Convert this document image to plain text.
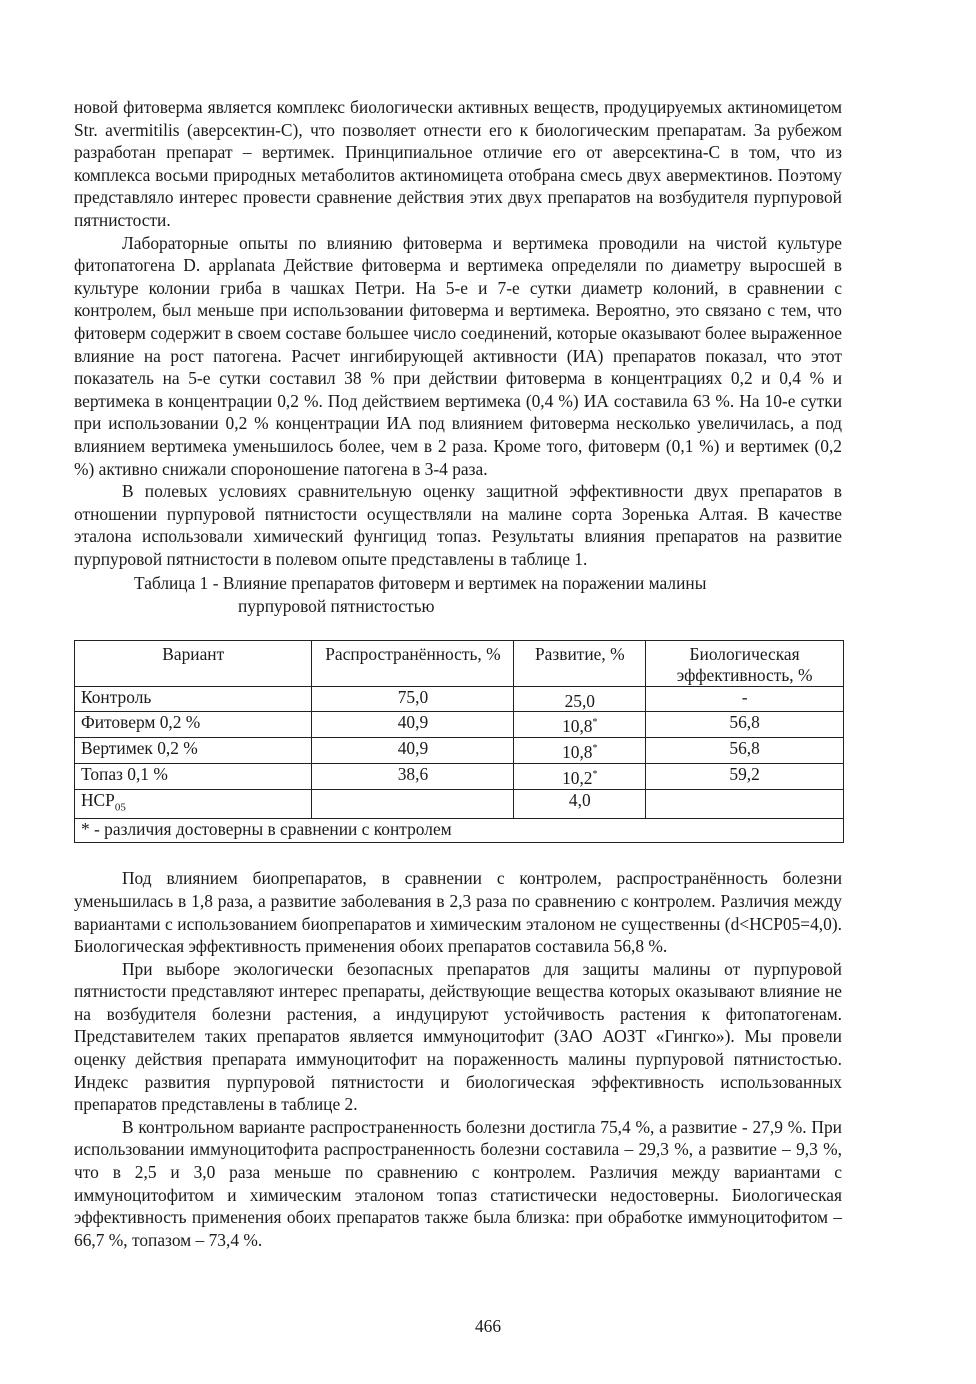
новой фитоверма является комплекс биологически активных веществ, продуцируемых актиномицетом Str. avermitilis (аверсектин-С), что позволяет отнести его к биологическим препаратам. За рубежом разработан препарат – вертимек. Принципиальное отличие его от аверсектина-С в том, что из комплекса восьми природных метаболитов актиномицета отобрана смесь двух авермектинов. Поэтому представляло интерес провести сравнение действия этих двух препаратов на возбудителя пурпуровой пятнистости.

Лабораторные опыты по влиянию фитоверма и вертимека проводили на чистой культуре фитопатогена D. applanata Действие фитоверма и вертимека определяли по диаметру выросшей в культуре колонии гриба в чашках Петри. На 5-е и 7-е сутки диаметр колоний, в сравнении с контролем, был меньше при использовании фитоверма и вертимека. Вероятно, это связано с тем, что фитоверм содержит в своем составе большее число соединений, которые оказывают более выраженное влияние на рост патогена. Расчет ингибирующей активности (ИА) препаратов показал, что этот показатель на 5-е сутки составил 38 % при действии фитоверма в концентрациях 0,2 и 0,4 % и вертимека в концентрации 0,2 %. Под действием вертимека (0,4 %) ИА составила 63 %. На 10-е сутки при использовании 0,2 % концентрации ИА под влиянием фитоверма несколько увеличилась, а под влиянием вертимека уменьшилось более, чем в 2 раза. Кроме того, фитоверм (0,1 %) и вертимек (0,2 %) активно снижали спороношение патогена в 3-4 раза.

В полевых условиях сравнительную оценку защитной эффективности двух препаратов в отношении пурпуровой пятнистости осуществляли на малине сорта Зоренька Алтая. В качестве эталона использовали химический фунгицид топаз. Результаты влияния препаратов на развитие пурпуровой пятнистости в полевом опыте представлены в таблице 1.

Таблица 1 - Влияние препаратов фитоверм и вертимек на поражении малины
пурпуровой пятнистостью
Вариант	Распространённость, %	Развитие, %	Биологическая эффективность, %
Контроль	75,0	25,0	-
Фитоверм 0,2 %	40,9	10,8*	56,8
Вертимек 0,2 %	40,9	10,8*	56,8
Топаз 0,1 %	38,6	10,2*	59,2
$НСР_{05}$		4,0	
* - различия достоверны в сравнении с контролем			

Под влиянием биопрепаратов, в сравнении с контролем, распространённость болезни уменьшилась в 1,8 раза, а развитие заболевания в 2,3 раза по сравнению с контролем. Различия между вариантами с использованием биопрепаратов и химическим эталоном не существенны (d<НСР05=4,0). Биологическая эффективность применения обоих препаратов составила 56,8 %.

При выборе экологически безопасных препаратов для защиты малины от пурпуровой пятнистости представляют интерес препараты, действующие вещества которых оказывают влияние не на возбудителя болезни растения, а индуцируют устойчивость растения к фитопатогенам. Представителем таких препаратов является иммуноцитофит (ЗАО АОЗТ «Гингко»). Мы провели оценку действия препарата иммуноцитофит на пораженность малины пурпуровой пятнистостью. Индекс развития пурпуровой пятнистости и биологическая эффективность использованных препаратов представлены в таблице 2.

В контрольном варианте распространенность болезни достигла 75,4 %, а развитие - 27,9 %. При использовании иммуноцитофита распространенность болезни составила – 29,3 %, а развитие – 9,3 %, что в 2,5 и 3,0 раза меньше по сравнению с контролем. Различия между вариантами с иммуноцитофитом и химическим эталоном топаз статистически недостоверны. Биологическая эффективность применения обоих препаратов также была близка: при обработке иммуноцитофитом – 66,7 %, топазом – 73,4 %.

466
